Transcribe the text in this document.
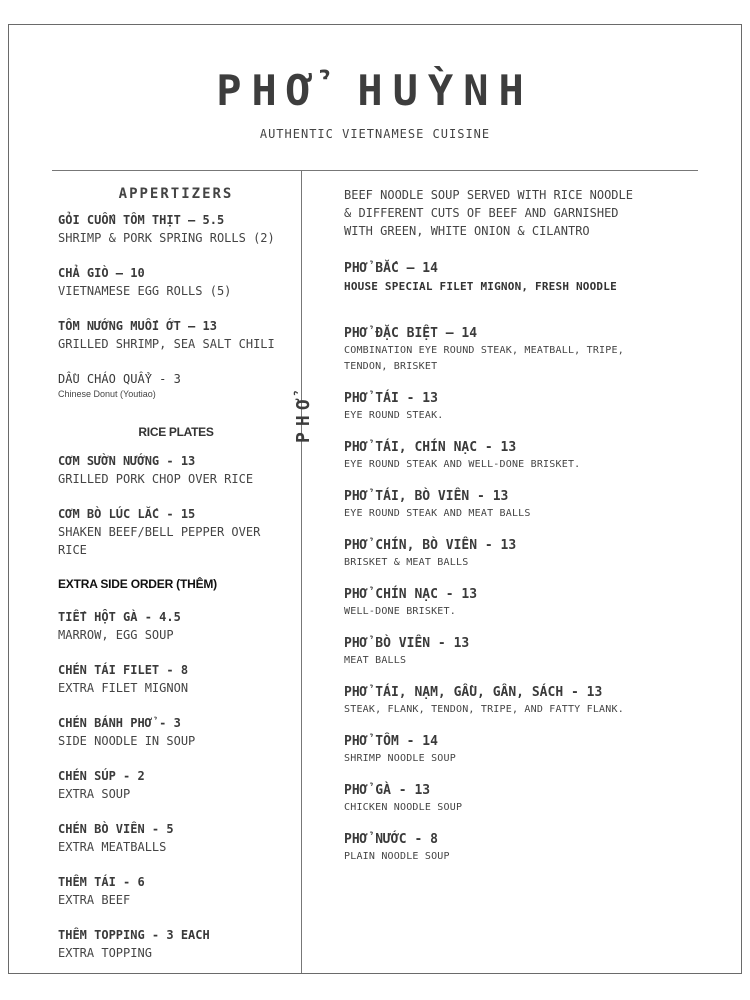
PHỞ HUỲNH
AUTHENTIC VIETNAMESE CUISINE
APPERTIZERS
GỎI CUỐN TÔM THỊT – 5.5
SHRIMP & PORK SPRING ROLLS (2)
CHẢ GIÒ – 10
VIETNAMESE EGG ROLLS (5)
TÔM NƯỚNG MUỐI ỚT – 13
GRILLED SHRIMP, SEA SALT CHILI
DẦU CHÁO QUẨY - 3
Chinese Donut (Youtiao)
RICE PLATES
CƠM SƯỜN NƯỚNG - 13
GRILLED PORK CHOP OVER RICE
CƠM BÒ LÚC LẮC - 15
SHAKEN BEEF/BELL PEPPER OVER RICE
EXTRA SIDE ORDER (THÊM)
TIẾT HỘT GÀ - 4.5
MARROW, EGG SOUP
CHÉN TÁI FILET - 8
EXTRA FILET MIGNON
CHÉN BÁNH PHỞ - 3
SIDE NOODLE IN SOUP
CHÉN SÚP - 2
EXTRA SOUP
CHÉN BÒ VIÊN - 5
EXTRA MEATBALLS
THÊM TÁI - 6
EXTRA BEEF
THÊM TOPPING - 3 EACH
EXTRA TOPPING
PHỞ
BEEF NOODLE SOUP SERVED WITH RICE NOODLE & DIFFERENT CUTS OF BEEF AND GARNISHED WITH GREEN, WHITE ONION & CILANTRO
PHỞ BẮC – 14
HOUSE SPECIAL FILET MIGNON, FRESH NOODLE
PHỞ ĐẶC BIỆT – 14
COMBINATION EYE ROUND STEAK, MEATBALL, TRIPE, TENDON, BRISKET
PHỞ TÁI - 13
EYE ROUND STEAK.
PHỞ TÁI, CHÍN NẠC - 13
EYE ROUND STEAK AND WELL-DONE BRISKET.
PHỞ TÁI, BÒ VIÊN - 13
EYE ROUND STEAK AND MEAT BALLS
PHỞ CHÍN, BÒ VIÊN - 13
BRISKET & MEAT BALLS
PHỞ CHÍN NẠC - 13
WELL-DONE BRISKET.
PHỞ BÒ VIÊN - 13
MEAT BALLS
PHỞ TÁI, NẠM, GẦU, GÂN, SÁCH - 13
STEAK, FLANK, TENDON, TRIPE, AND FATTY FLANK.
PHỞ TÔM - 14
SHRIMP NOODLE SOUP
PHỞ GÀ - 13
CHICKEN NOODLE SOUP
PHỞ NƯỚC - 8
PLAIN NOODLE SOUP
